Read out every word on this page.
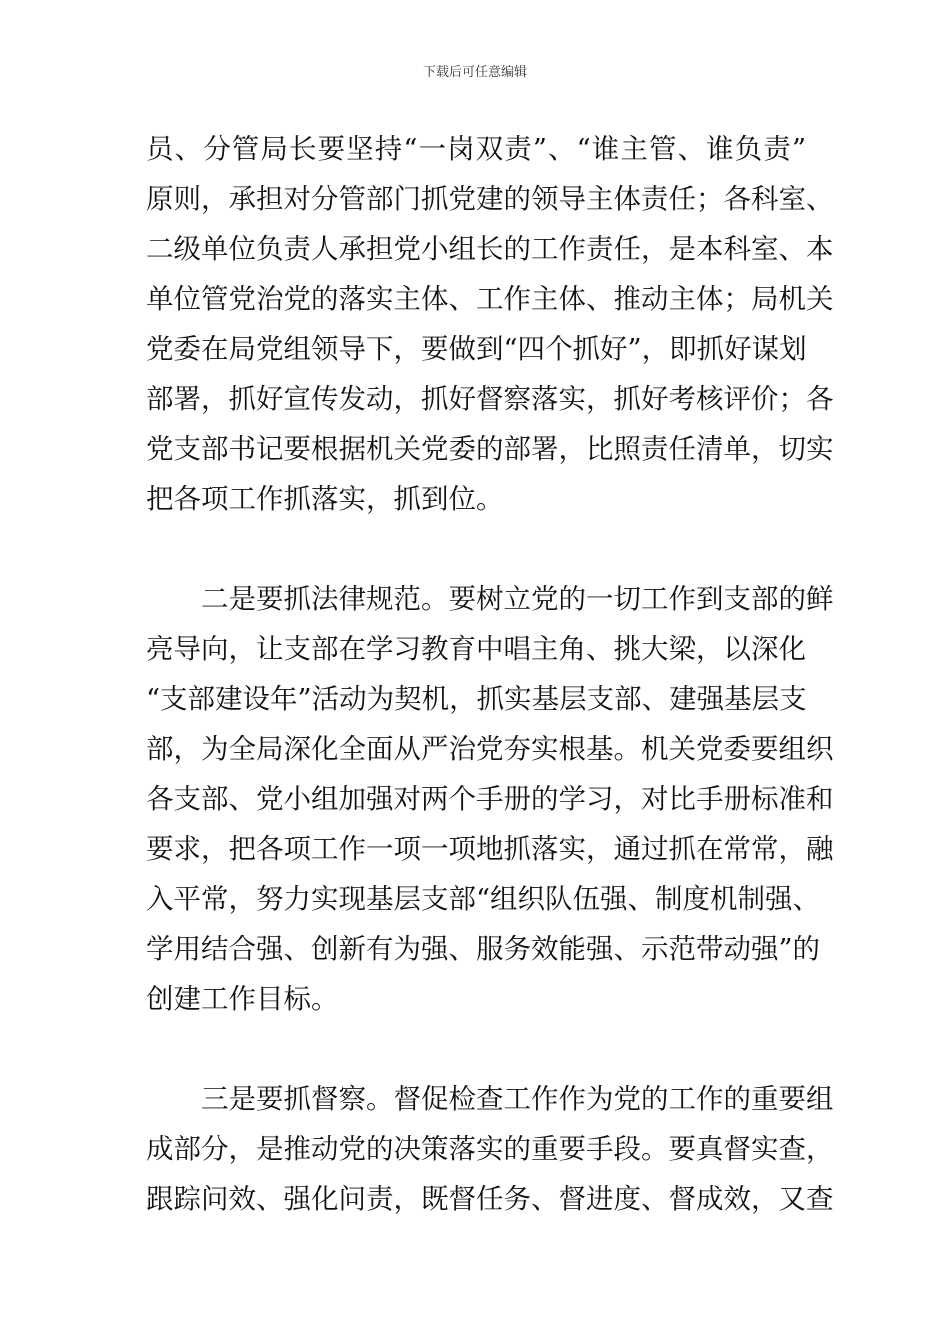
下载后可任意编辑
员、分管局长要坚持“一岗双责”、“谁主管、谁负责”
原则，承担对分管部门抓党建的领导主体责任；各科室、
二级单位负责人承担党小组长的工作责任，是本科室、本
单位管党治党的落实主体、工作主体、推动主体；局机关
党委在局党组领导下，要做到“四个抓好”，即抓好谋划
部署，抓好宣传发动，抓好督察落实，抓好考核评价；各
党支部书记要根据机关党委的部署，比照责任清单，切实
把各项工作抓落实，抓到位。
二是要抓法律规范。要树立党的一切工作到支部的鲜
亮导向，让支部在学习教育中唱主角、挑大梁，以深化
“支部建设年”活动为契机，抓实基层支部、建强基层支
部，为全局深化全面从严治党夯实根基。机关党委要组织
各支部、党小组加强对两个手册的学习，对比手册标准和
要求，把各项工作一项一项地抓落实，通过抓在常常，融
入平常，努力实现基层支部“组织队伍强、制度机制强、
学用结合强、创新有为强、服务效能强、示范带动强”的
创建工作目标。
三是要抓督察。督促检查工作作为党的工作的重要组
成部分，是推动党的决策落实的重要手段。要真督实查，
跟踪问效、强化问责，既督任务、督进度、督成效，又查
